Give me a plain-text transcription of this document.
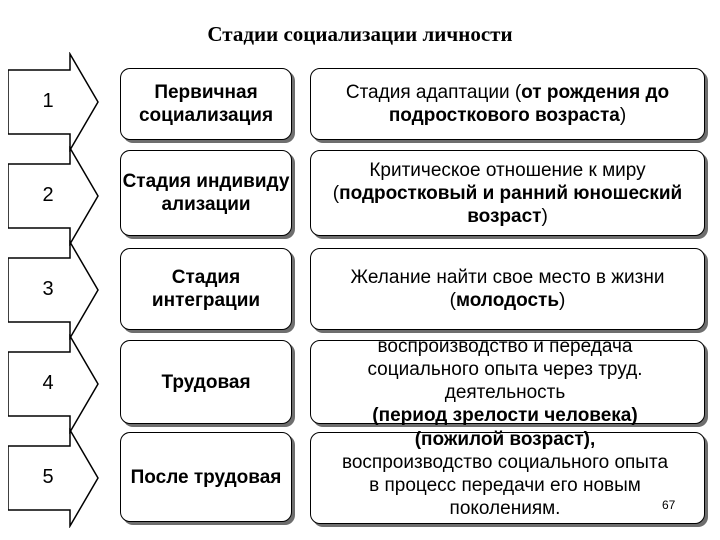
Стадии социализации личности
1
2
3
4
5
Первичная социализация
Стадия индивиду ализации
Стадия интеграции
Трудовая
После трудовая
Стадия адаптации (от рождения до подросткового возраста)
Критическое отношение к миру (подростковый и ранний юношеский возраст)
Желание найти свое место в жизни (молодость)
воспроизводство и передача
социального опыта через труд.
деятельность
(период зрелости человека)
(пожилой возраст),
воспроизводство социального опыта
в процесс передачи его новым
поколениям.	67
